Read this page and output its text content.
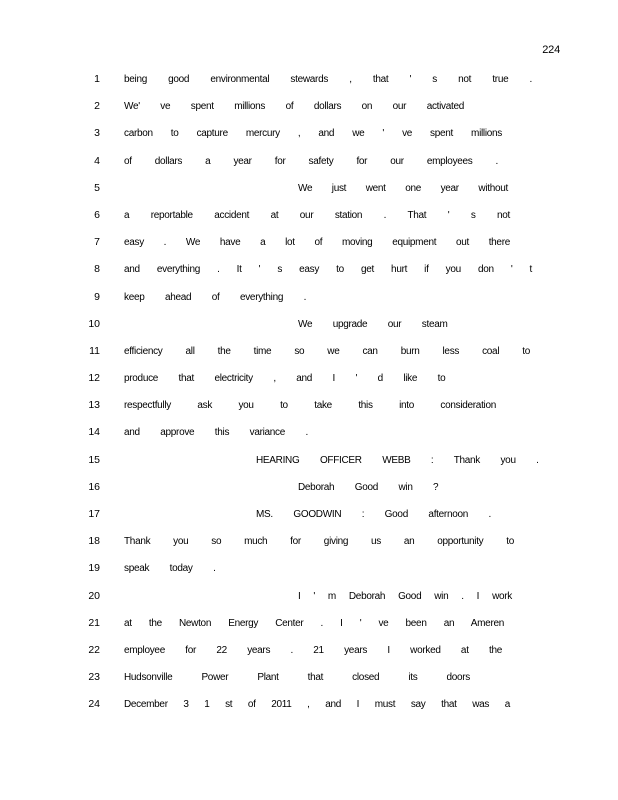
224
1 being good environmental stewards , that ' s not true .
2 We' ve spent millions of dollars on our activated
3 carbon to capture mercury , and we ' ve spent millions
4 of dollars a year for safety for our employees .
5	We just went one year without
6 a reportable accident at our station . That ' s not
7 easy . We have a lot of moving equipment out there
8 and everything . It ' s easy to get hurt if you don ' t
9 keep ahead of everything .
10	We upgrade our steam
11 efficiency all the time so we can burn less coal to
12 produce that electricity , and I ' d like to
13 respectfully ask you to take this into consideration
14 and approve this variance .
15	HEARING OFFICER WEBB : Thank you .
16	Deborah Good win ?
17	MS. GOODWIN : Good afternoon .
18 Thank you so much for giving us an opportunity to
19 speak today .
20	I ' m Deborah Good win . I work
21 at the Newton Energy Center . I ' ve been an Ameren
22 employee for 22 years . 21 years I worked at the
23 Hudsonville Power Plant that closed its doors
24 December 3 1 st of 2011 , and I must say that was a
